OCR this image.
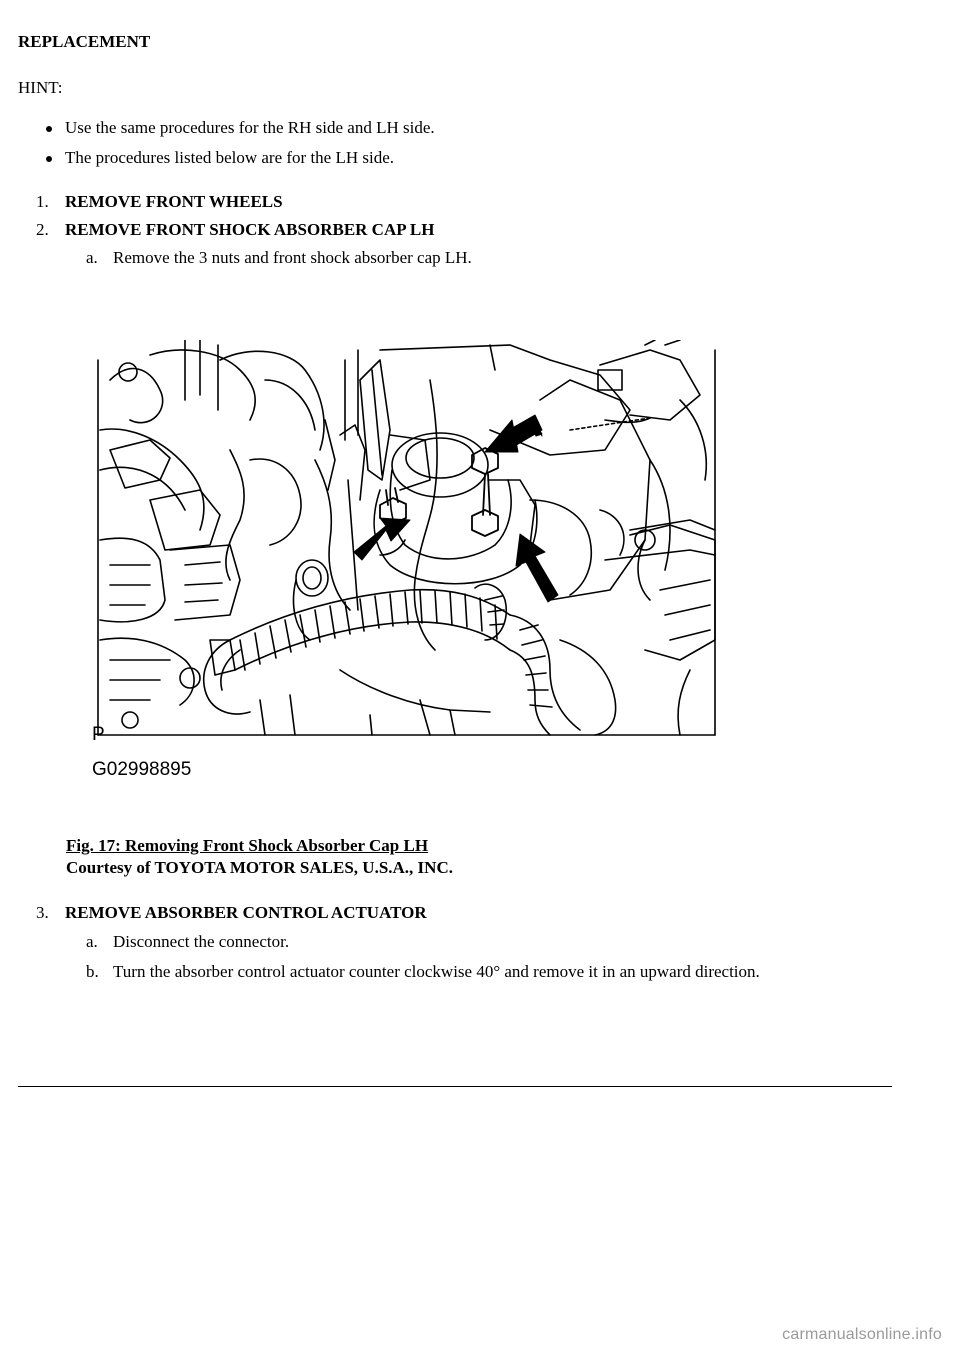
REPLACEMENT
HINT:
Use the same procedures for the RH side and LH side.
The procedures listed below are for the LH side.
1. REMOVE FRONT WHEELS
2. REMOVE FRONT SHOCK ABSORBER CAP LH
a. Remove the 3 nuts and front shock absorber cap LH.
P
G02998895
Fig. 17: Removing Front Shock Absorber Cap LH
Courtesy of TOYOTA MOTOR SALES, U.S.A., INC.
3. REMOVE ABSORBER CONTROL ACTUATOR
a. Disconnect the connector.
b. Turn the absorber control actuator counter clockwise 40° and remove it in an upward direction.
carmanualsonline.info
